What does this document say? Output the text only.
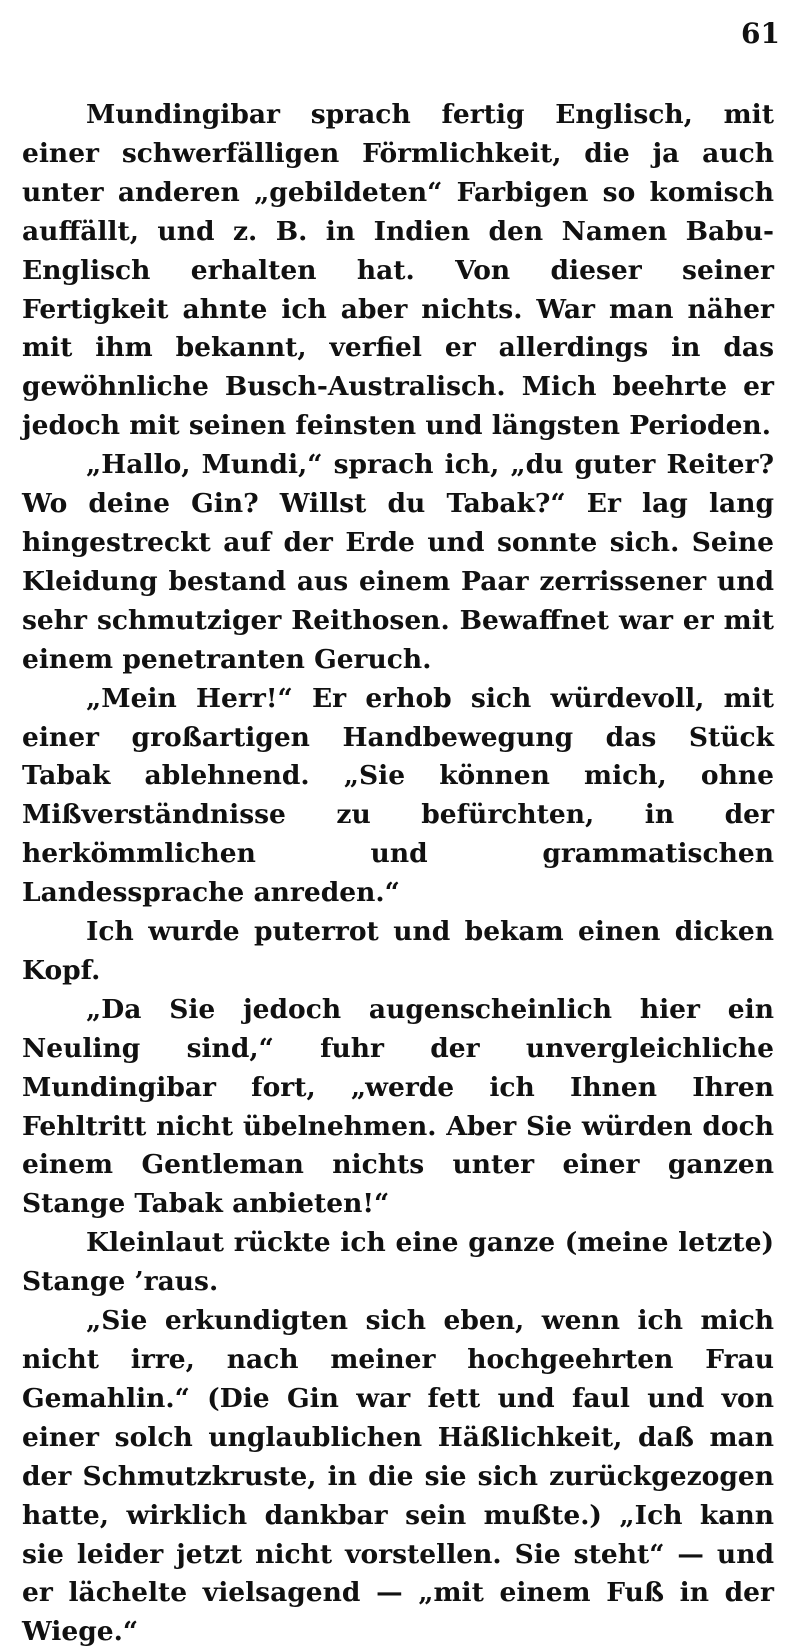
61

Mundingibar sprach fertig Englisch, mit einer schwerfälligen Förmlichkeit, die ja auch unter anderen „gebildeten“ Farbigen so komisch auffällt, und z. B. in Indien den Namen Babu-Englisch erhalten hat. Von dieser seiner Fertigkeit ahnte ich aber nichts. War man näher mit ihm bekannt, verfiel er allerdings in das gewöhnliche Busch-Australisch. Mich beehrte er jedoch mit seinen feinsten und längsten Perioden.

„Hallo, Mundi,“ sprach ich, „du guter Reiter? Wo deine Gin? Willst du Tabak?“ Er lag lang hingestreckt auf der Erde und sonnte sich. Seine Kleidung bestand aus einem Paar zerrissener und sehr schmutziger Reithosen. Bewaffnet war er mit einem penetranten Geruch.

„Mein Herr!“ Er erhob sich würdevoll, mit einer großartigen Handbewegung das Stück Tabak ablehnend. „Sie können mich, ohne Mißverständnisse zu befürchten, in der herkömmlichen und grammatischen Landessprache anreden.“

Ich wurde puterrot und bekam einen dicken Kopf.

„Da Sie jedoch augenscheinlich hier ein Neuling sind,“ fuhr der unvergleichliche Mundingibar fort, „werde ich Ihnen Ihren Fehltritt nicht übelnehmen. Aber Sie würden doch einem Gentleman nichts unter einer ganzen Stange Tabak anbieten!“

Kleinlaut rückte ich eine ganze (meine letzte) Stange ’raus.

„Sie erkundigten sich eben, wenn ich mich nicht irre, nach meiner hochgeehrten Frau Gemahlin.“ (Die Gin war fett und faul und von einer solch unglaublichen Häßlichkeit, daß man der Schmutzkruste, in die sie sich zurückgezogen hatte, wirklich dankbar sein mußte.) „Ich kann sie leider jetzt nicht vorstellen. Sie steht“ — und er lächelte vielsagend — „mit einem Fuß in der Wiege.“
